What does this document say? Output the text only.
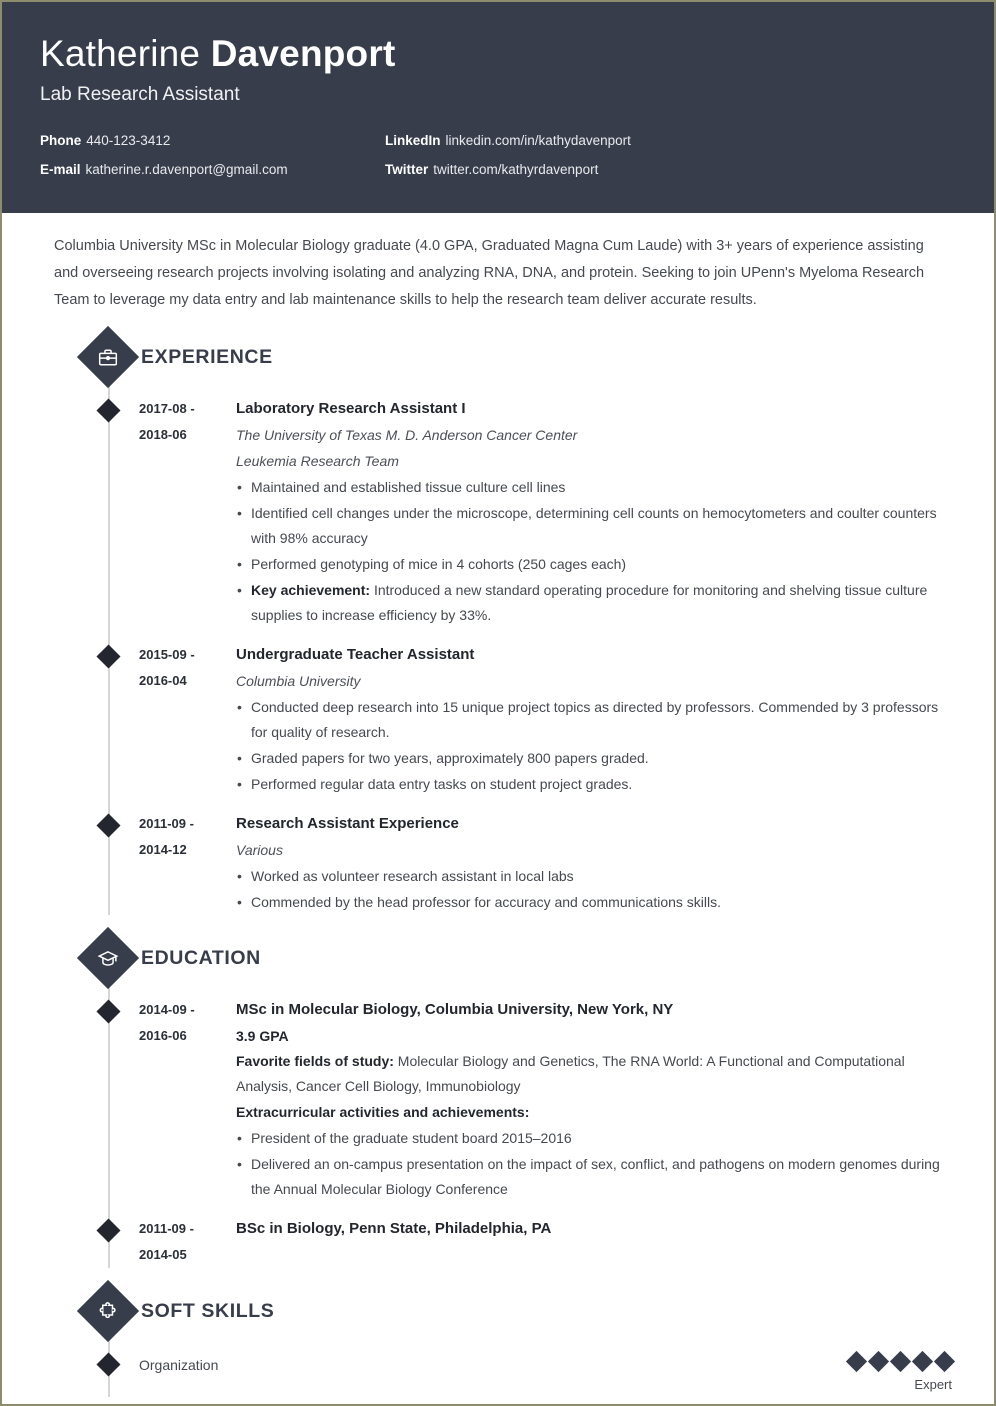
Katherine Davenport
Lab Research Assistant
Phone 440-123-3412	LinkedIn linkedin.com/in/kathydavenport
E-mail katherine.r.davenport@gmail.com	Twitter twitter.com/kathyrdavenport
Columbia University MSc in Molecular Biology graduate (4.0 GPA, Graduated Magna Cum Laude) with 3+ years of experience assisting and overseeing research projects involving isolating and analyzing RNA, DNA, and protein. Seeking to join UPenn's Myeloma Research Team to leverage my data entry and lab maintenance skills to help the research team deliver accurate results.
EXPERIENCE
2017-08 -
2018-06
Laboratory Research Assistant I
The University of Texas M. D. Anderson Cancer Center
Leukemia Research Team
• Maintained and established tissue culture cell lines
• Identified cell changes under the microscope, determining cell counts on hemocytometers and coulter counters with 98% accuracy
• Performed genotyping of mice in 4 cohorts (250 cages each)
• Key achievement: Introduced a new standard operating procedure for monitoring and shelving tissue culture supplies to increase efficiency by 33%.
2015-09 -
2016-04
Undergraduate Teacher Assistant
Columbia University
• Conducted deep research into 15 unique project topics as directed by professors. Commended by 3 professors for quality of research.
• Graded papers for two years, approximately 800 papers graded.
• Performed regular data entry tasks on student project grades.
2011-09 -
2014-12
Research Assistant Experience
Various
• Worked as volunteer research assistant in local labs
• Commended by the head professor for accuracy and communications skills.
EDUCATION
2014-09 -
2016-06
MSc in Molecular Biology, Columbia University, New York, NY
3.9 GPA
Favorite fields of study: Molecular Biology and Genetics, The RNA World: A Functional and Computational Analysis, Cancer Cell Biology, Immunobiology
Extracurricular activities and achievements:
• President of the graduate student board 2015–2016
• Delivered an on-campus presentation on the impact of sex, conflict, and pathogens on modern genomes during the Annual Molecular Biology Conference
2011-09 -
2014-05
BSc in Biology, Penn State, Philadelphia, PA
SOFT SKILLS
Organization
Expert
